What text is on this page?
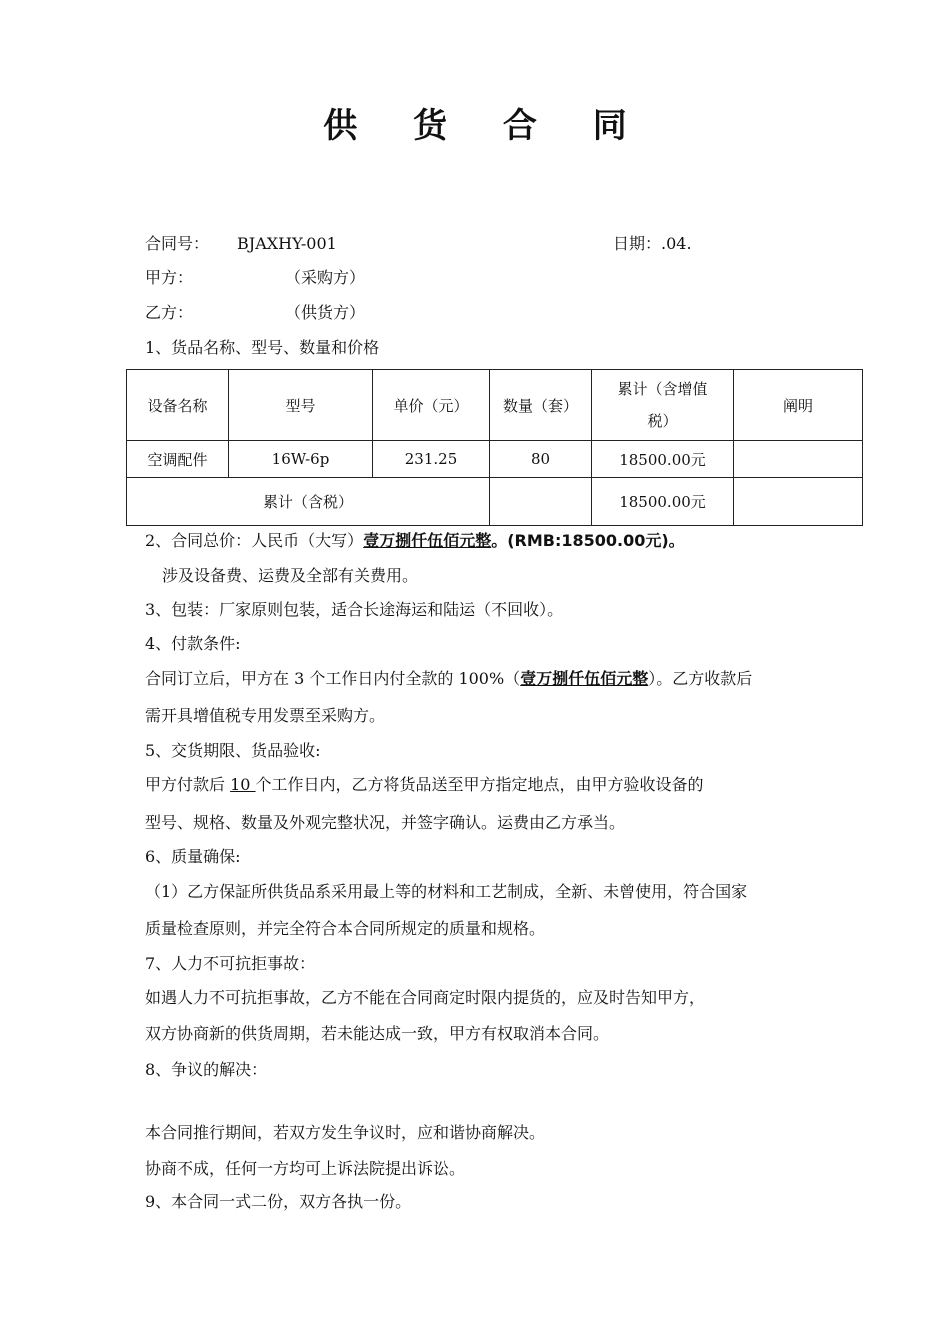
供 货 合 同
合同号： BJAXHY-001	日期：.04.
甲方：	（采购方）
乙方：	（供货方）
1、货品名称、型号、数量和价格
设备名称	型号	单价（元）	数量（套）	累计（含增值税）	阐明
空调配件	16W-6p	231.25	80	18500.00元	
累计（含税）				18500.00元	
2、合同总价：人民币（大写）壹万捌仟伍佰元整。(RMB:18500.00元)。
涉及设备费、运费及全部有关费用。
3、包装：厂家原则包装，适合长途海运和陆运（不回收）。
4、付款条件:
合同订立后，甲方在 3 个工作日内付全款的 100%（壹万捌仟伍佰元整）。乙方收款后
需开具增值税专用发票至采购方。
5、交货期限、货品验收:
甲方付款后 10 个工作日内，乙方将货品送至甲方指定地点，由甲方验收设备的
型号、规格、数量及外观完整状况，并签字确认。运费由乙方承当。
6、质量确保:
（1）乙方保証所供货品系采用最上等的材料和工艺制成，全新、未曾使用，符合国家
质量检查原则，并完全符合本合同所规定的质量和规格。
7、人力不可抗拒事故：
如遇人力不可抗拒事故，乙方不能在合同商定时限内提货的，应及时告知甲方，
双方协商新的供货周期，若未能达成一致，甲方有权取消本合同。
8、争议的解决：
本合同推行期间，若双方发生争议时，应和谐协商解决。
协商不成，任何一方均可上诉法院提出诉讼。
9、本合同一式二份，双方各执一份。
